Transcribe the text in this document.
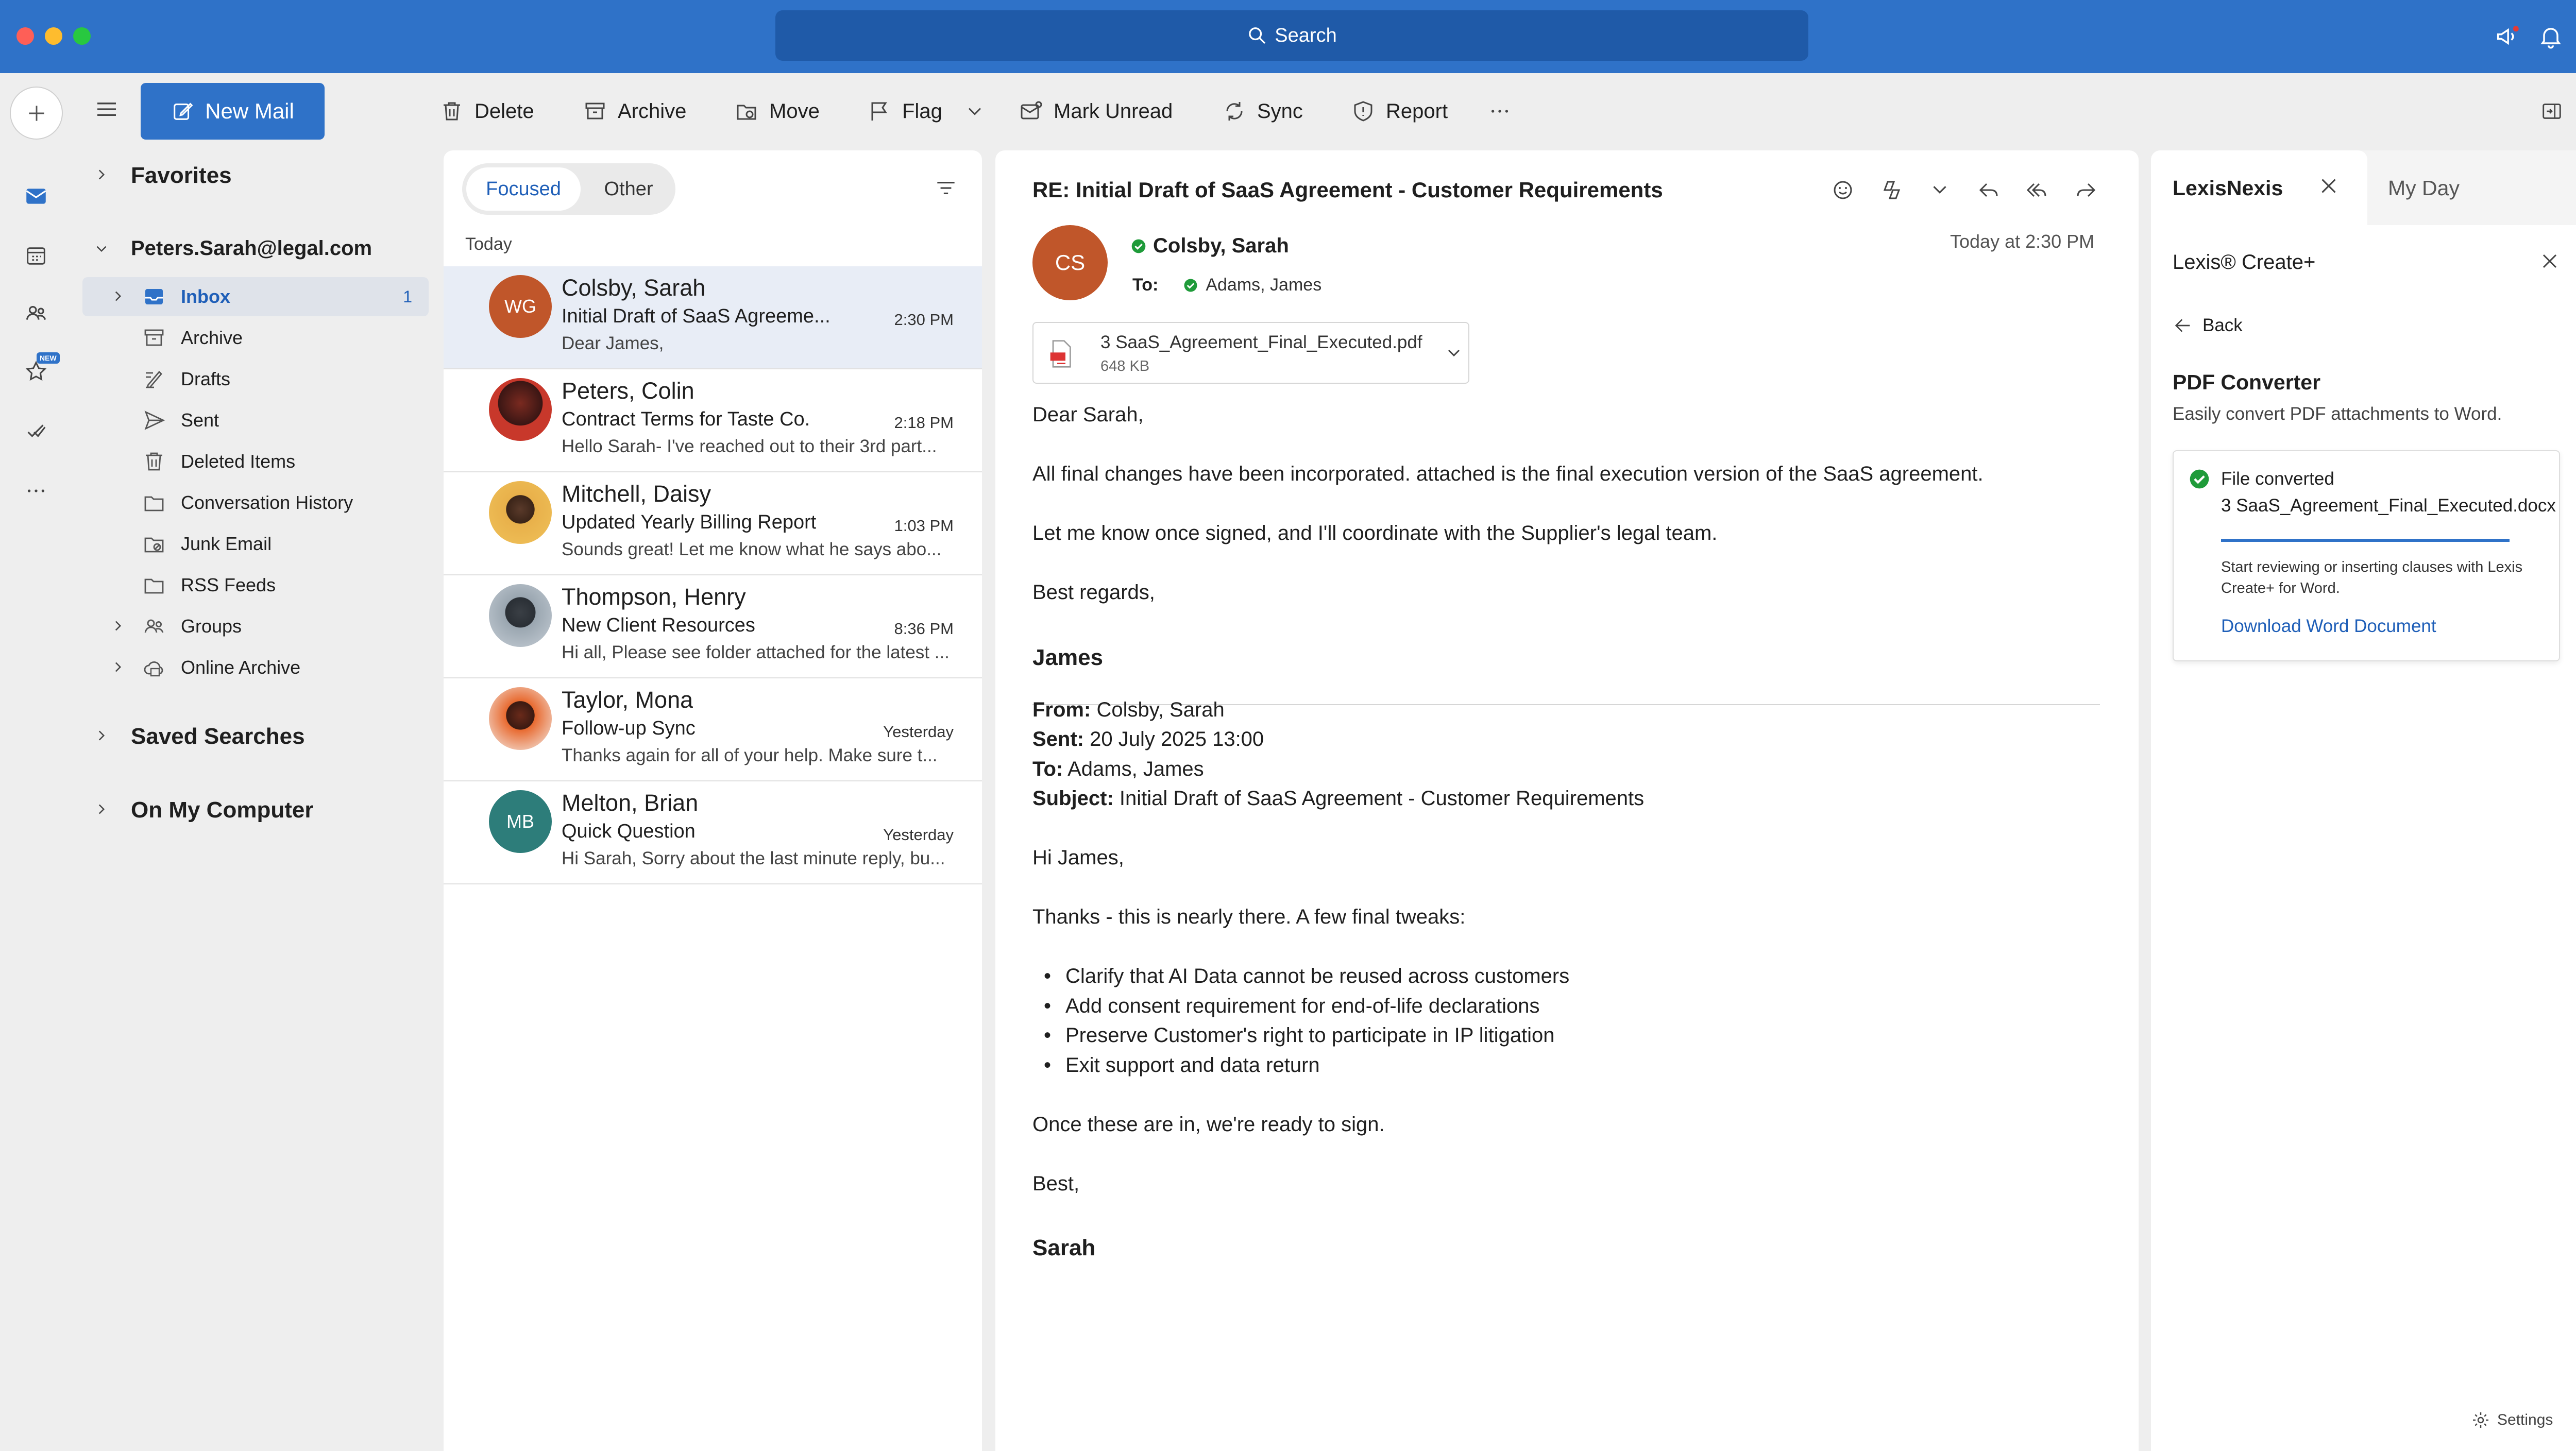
Search
NEW
New Mail	Delete	Archive	Move	Flag	Mark Unread	Sync	Report
Favorites
Peters.Sarah@legal.com
Inbox	1
Archive
Drafts
Sent
Deleted Items
Conversation History
Junk Email
RSS Feeds
Groups
Online Archive
Saved Searches
On My Computer
Focused	Other
Today
WG
Colsby, Sarah
Initial Draft of SaaS Agreeme...	2:30 PM
Dear James,
Peters, Colin
Contract Terms for Taste Co.	2:18 PM
Hello Sarah- I've reached out to their 3rd part...
Mitchell, Daisy
Updated Yearly Billing Report	1:03 PM
Sounds great! Let me know what he says abo...
Thompson, Henry
New Client Resources	8:36 PM
Hi all, Please see folder attached for the latest ...
Taylor, Mona
Follow-up Sync	Yesterday
Thanks again for all of your help. Make sure t...
MB
Melton, Brian
Quick Question	Yesterday
Hi Sarah, Sorry about the last minute reply, bu...
RE: Initial Draft of SaaS Agreement - Customer Requirements
CS
Colsby, Sarah
To:	Adams, James
Today at 2:30 PM
3 SaaS_Agreement_Final_Executed.pdf
648 KB
Dear Sarah,
All final changes have been incorporated. attached is the final execution version of the SaaS agreement.
Let me know once signed, and I'll coordinate with the Supplier's legal team.
Best regards,
James
From: Colsby, Sarah
Sent: 20 July 2025 13:00
To: Adams, James
Subject: Initial Draft of SaaS Agreement - Customer Requirements
Hi James,
Thanks - this is nearly there. A few final tweaks:
• Clarify that AI Data cannot be reused across customers
• Add consent requirement for end-of-life declarations
• Preserve Customer's right to participate in IP litigation
• Exit support and data return
Once these are in, we're ready to sign.
Best,
Sarah
LexisNexis	My Day
Lexis® Create+
Back
PDF Converter
Easily convert PDF attachments to Word.
File converted
3 SaaS_Agreement_Final_Executed.docx
Start reviewing or inserting clauses with Lexis Create+ for Word.
Download Word Document
Settings
